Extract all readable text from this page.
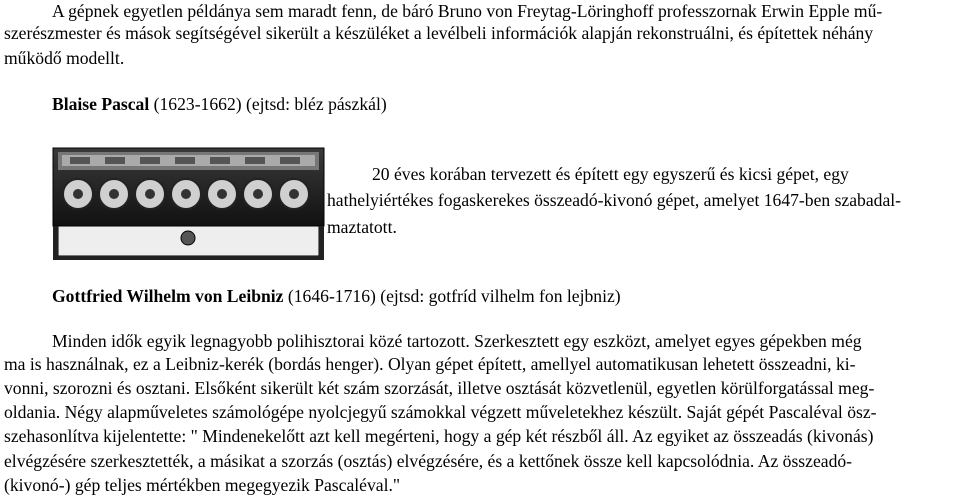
A gépnek egyetlen példánya sem maradt fenn, de báró Bruno von Freytag-Löringhoff professzornak Erwin Epple mű-
szerészmester és mások segítségével sikerült a készüléket a levélbeli információk alapján rekonstruálni, és építettek néhány
működő modellt.
Blaise Pascal (1623-1662) (ejtsd: bléz pászkál)
20 éves korában tervezett és épített egy egyszerű és kicsi gépet, egy
hathelyiértékes fogaskerekes összeadó-kivonó gépet, amelyet 1647-ben szabadal-
maztatott.
Gottfried Wilhelm von Leibniz (1646-1716) (ejtsd: gotfríd vilhelm fon lejbniz)
Minden idők egyik legnagyobb polihisztorai közé tartozott. Szerkesztett egy eszközt, amelyet egyes gépekben még
ma is használnak, ez a Leibniz-kerék (bordás henger). Olyan gépet épített, amellyel automatikusan lehetett összeadni, ki-
vonni, szorozni és osztani. Elsőként sikerült két szám szorzását, illetve osztását közvetlenül, egyetlen körülforgatással meg-
oldania. Négy alapműveletes számológépe nyolcjegyű számokkal végzett műveletekhez készült. Saját gépét Pascaléval ösz-
szehasonlítva kijelentette: " Mindenekelőtt azt kell megérteni, hogy a gép két részből áll. Az egyiket az összeadás (kivonás)
elvégzésére szerkesztették, a másikat a szorzás (osztás) elvégzésére, és a kettőnek össze kell kapcsolódnia. Az összeadó-
(kivonó-) gép teljes mértékben megegyezik Pascaléval."
